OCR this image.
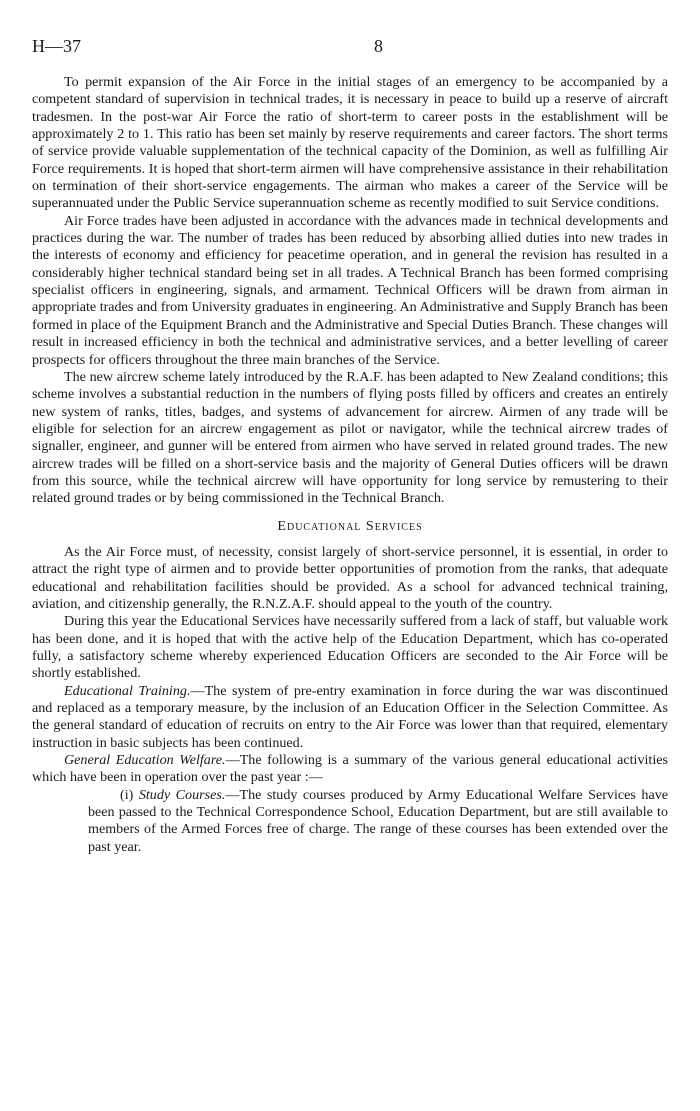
H—37	8

To permit expansion of the Air Force in the initial stages of an emergency to be accompanied by a competent standard of supervision in technical trades, it is necessary in peace to build up a reserve of aircraft tradesmen. In the post-war Air Force the ratio of short-term to career posts in the establishment will be approximately 2 to 1. This ratio has been set mainly by reserve requirements and career factors. The short terms of service provide valuable supplementation of the technical capacity of the Dominion, as well as fulfilling Air Force requirements. It is hoped that short-term airmen will have comprehensive assistance in their rehabilitation on termination of their short-service engagements. The airman who makes a career of the Service will be superannuated under the Public Service superannuation scheme as recently modified to suit Service conditions.

Air Force trades have been adjusted in accordance with the advances made in technical developments and practices during the war. The number of trades has been reduced by absorbing allied duties into new trades in the interests of economy and efficiency for peacetime operation, and in general the revision has resulted in a considerably higher technical standard being set in all trades. A Technical Branch has been formed comprising specialist officers in engineering, signals, and armament. Technical Officers will be drawn from airman in appropriate trades and from University graduates in engineering. An Administrative and Supply Branch has been formed in place of the Equipment Branch and the Administrative and Special Duties Branch. These changes will result in increased efficiency in both the technical and administrative services, and a better levelling of career prospects for officers throughout the three main branches of the Service.

The new aircrew scheme lately introduced by the R.A.F. has been adapted to New Zealand conditions; this scheme involves a substantial reduction in the numbers of flying posts filled by officers and creates an entirely new system of ranks, titles, badges, and systems of advancement for aircrew. Airmen of any trade will be eligible for selection for an aircrew engagement as pilot or navigator, while the technical aircrew trades of signaller, engineer, and gunner will be entered from airmen who have served in related ground trades. The new aircrew trades will be filled on a short-service basis and the majority of General Duties officers will be drawn from this source, while the technical aircrew will have opportunity for long service by remustering to their related ground trades or by being commissioned in the Technical Branch.

Educational Services

As the Air Force must, of necessity, consist largely of short-service personnel, it is essential, in order to attract the right type of airmen and to provide better opportunities of promotion from the ranks, that adequate educational and rehabilitation facilities should be provided. As a school for advanced technical training, aviation, and citizenship generally, the R.N.Z.A.F. should appeal to the youth of the country.

During this year the Educational Services have necessarily suffered from a lack of staff, but valuable work has been done, and it is hoped that with the active help of the Education Department, which has co-operated fully, a satisfactory scheme whereby experienced Education Officers are seconded to the Air Force will be shortly established.

Educational Training.—The system of pre-entry examination in force during the war was discontinued and replaced as a temporary measure, by the inclusion of an Education Officer in the Selection Committee. As the general standard of education of recruits on entry to the Air Force was lower than that required, elementary instruction in basic subjects has been continued.

General Education Welfare.—The following is a summary of the various general educational activities which have been in operation over the past year :—

(i) Study Courses.—The study courses produced by Army Educational Welfare Services have been passed to the Technical Correspondence School, Education Department, but are still available to members of the Armed Forces free of charge. The range of these courses has been extended over the past year.
